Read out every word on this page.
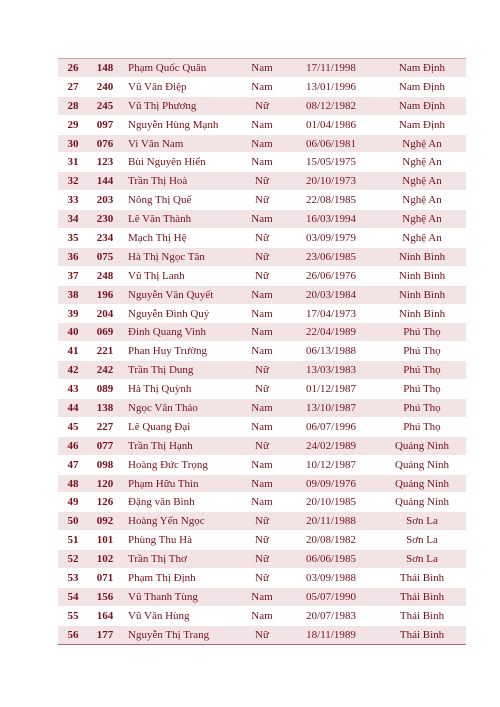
26	148	Phạm Quốc Quân	Nam	17/11/1998	Nam Định
27	240	Vũ Văn Điệp	Nam	13/01/1996	Nam Định
28	245	Vũ Thị Phương	Nữ	08/12/1982	Nam Định
29	097	Nguyễn Hùng Mạnh	Nam	01/04/1986	Nam Định
30	076	Vi Văn Nam	Nam	06/06/1981	Nghệ An
31	123	Bùi Nguyên Hiển	Nam	15/05/1975	Nghệ An
32	144	Trần Thị Hoà	Nữ	20/10/1973	Nghệ An
33	203	Nông Thị Quế	Nữ	22/08/1985	Nghệ An
34	230	Lê Văn Thành	Nam	16/03/1994	Nghệ An
35	234	Mạch Thị Hệ	Nữ	03/09/1979	Nghệ An
36	075	Hà Thị Ngọc Tân	Nữ	23/06/1985	Ninh Bình
37	248	Vũ Thị Lanh	Nữ	26/06/1976	Ninh Bình
38	196	Nguyễn Văn Quyết	Nam	20/03/1984	Ninh Bình
39	204	Nguyễn Đình Quý	Nam	17/04/1973	Ninh Bình
40	069	Đinh Quang Vinh	Nam	22/04/1989	Phú Thọ
41	221	Phan Huy Trường	Nam	06/13/1988	Phú Thọ
42	242	Trần Thị Dung	Nữ	13/03/1983	Phú Thọ
43	089	Hà Thị Quỳnh	Nữ	01/12/1987	Phú Thọ
44	138	Ngọc Văn Thảo	Nam	13/10/1987	Phú Thọ
45	227	Lê Quang Đại	Nam	06/07/1996	Phú Thọ
46	077	Trần Thị Hạnh	Nữ	24/02/1989	Quảng Ninh
47	098	Hoàng Đức Trọng	Nam	10/12/1987	Quảng Ninh
48	120	Phạm Hữu Thìn	Nam	09/09/1976	Quảng Ninh
49	126	Đặng văn Bình	Nam	20/10/1985	Quảng Ninh
50	092	Hoàng Yến Ngọc	Nữ	20/11/1988	Sơn La
51	101	Phùng Thu Hà	Nữ	20/08/1982	Sơn La
52	102	Trần Thị Thơ	Nữ	06/06/1985	Sơn La
53	071	Phạm Thị Định	Nữ	03/09/1988	Thái Bình
54	156	Vũ Thanh Tùng	Nam	05/07/1990	Thái Bình
55	164	Vũ Văn Hùng	Nam	20/07/1983	Thái Bình
56	177	Nguyễn Thị Trang	Nữ	18/11/1989	Thái Bình
